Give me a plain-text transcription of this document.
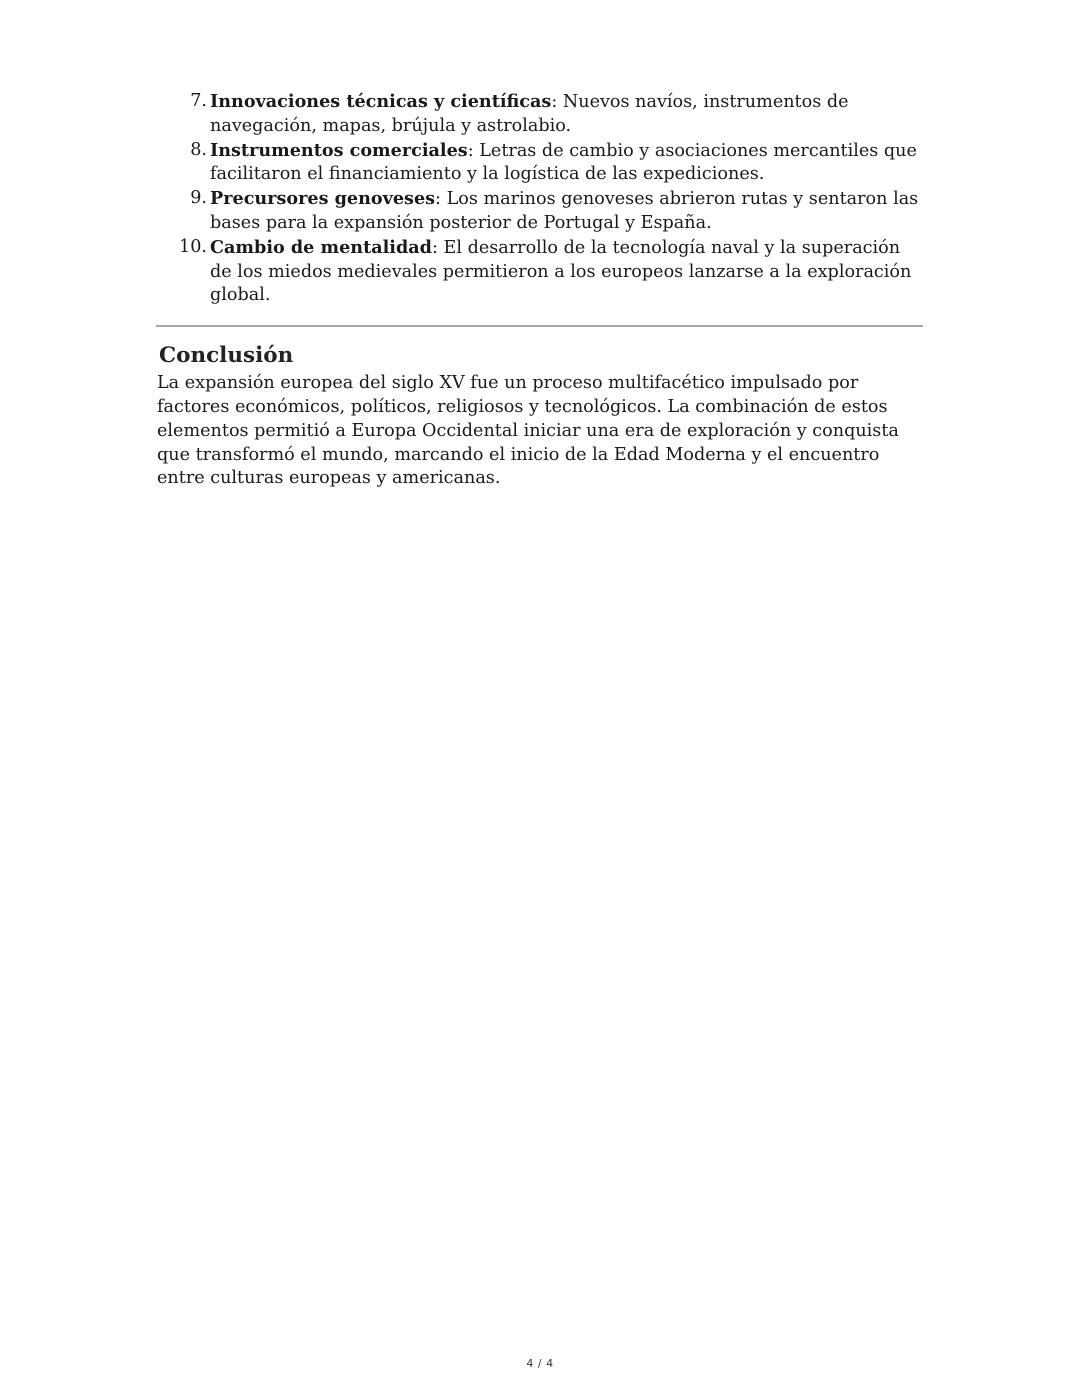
7. Innovaciones técnicas y científicas: Nuevos navíos, instrumentos de navegación, mapas, brújula y astrolabio.
8. Instrumentos comerciales: Letras de cambio y asociaciones mercantiles que facilitaron el financiamiento y la logística de las expediciones.
9. Precursores genoveses: Los marinos genoveses abrieron rutas y sentaron las bases para la expansión posterior de Portugal y España.
10. Cambio de mentalidad: El desarrollo de la tecnología naval y la superación de los miedos medievales permitieron a los europeos lanzarse a la exploración global.
Conclusión

La expansión europea del siglo XV fue un proceso multifacético impulsado por factores económicos, políticos, religiosos y tecnológicos. La combinación de estos elementos permitió a Europa Occidental iniciar una era de exploración y conquista que transformó el mundo, marcando el inicio de la Edad Moderna y el encuentro entre culturas europeas y americanas.

4 / 4
